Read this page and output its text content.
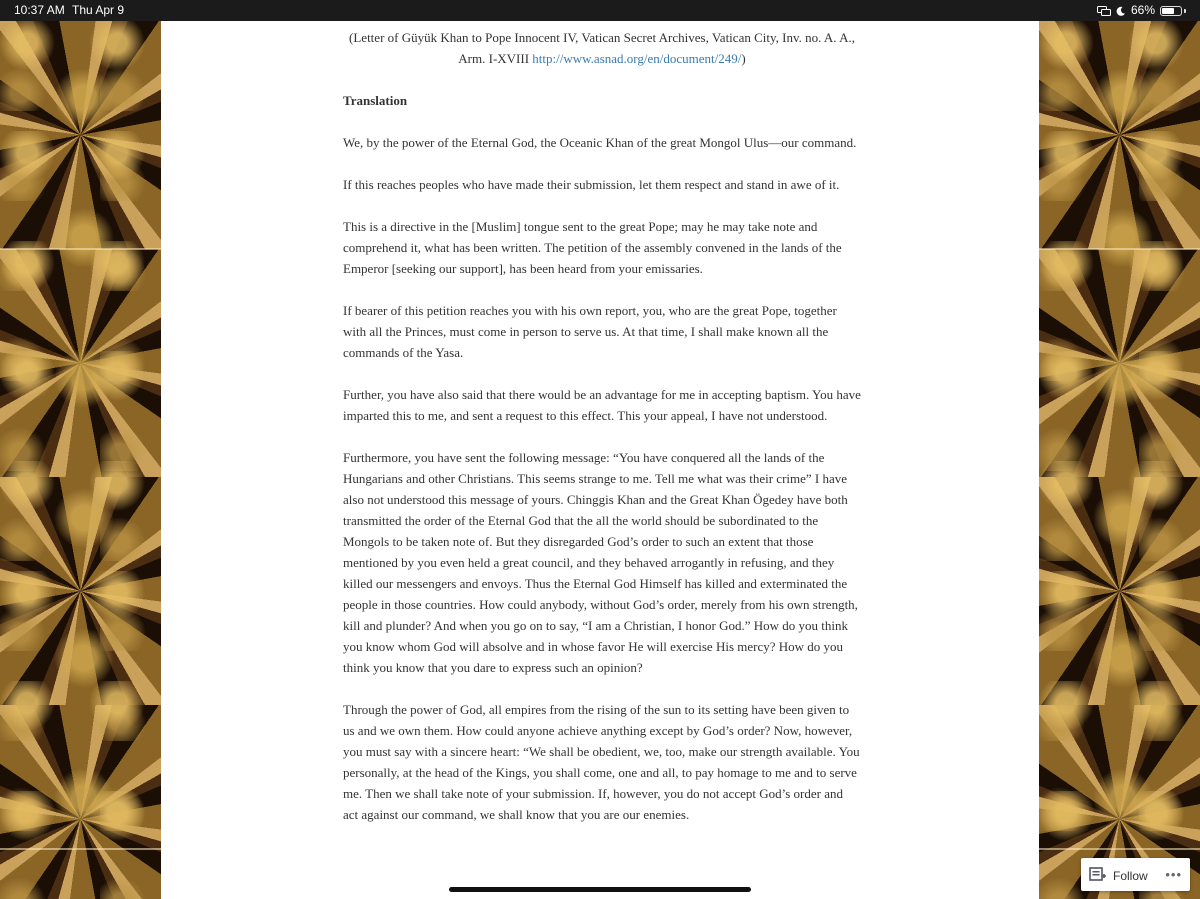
10:37 AM Thu Apr 9	66%

(Letter of Güyük Khan to Pope Innocent IV, Vatican Secret Archives, Vatican City, Inv. no. A. A., Arm. I-XVIII http://www.asnad.org/en/document/249/)

Translation

We, by the power of the Eternal God, the Oceanic Khan of the great Mongol Ulus—our command.

If this reaches peoples who have made their submission, let them respect and stand in awe of it.

This is a directive in the [Muslim] tongue sent to the great Pope; may he may take note and comprehend it, what has been written. The petition of the assembly convened in the lands of the Emperor [seeking our support], has been heard from your emissaries.

If bearer of this petition reaches you with his own report, you, who are the great Pope, together with all the Princes, must come in person to serve us. At that time, I shall make known all the commands of the Yasa.

Further, you have also said that there would be an advantage for me in accepting baptism. You have imparted this to me, and sent a request to this effect. This your appeal, I have not understood.

Furthermore, you have sent the following message: “You have conquered all the lands of the Hungarians and other Christians. This seems strange to me. Tell me what was their crime” I have also not understood this message of yours. Chinggis Khan and the Great Khan Ögedey have both transmitted the order of the Eternal God that the all the world should be subordinated to the Mongols to be taken note of. But they disregarded God’s order to such an extent that those mentioned by you even held a great council, and they behaved arrogantly in refusing, and they killed our messengers and envoys. Thus the Eternal God Himself has killed and exterminated the people in those countries. How could anybody, without God’s order, merely from his own strength, kill and plunder? And when you go on to say, “I am a Christian, I honor God.” How do you think you know whom God will absolve and in whose favor He will exercise His mercy? How do you think you know that you dare to express such an opinion?

Through the power of God, all empires from the rising of the sun to its setting have been given to us and we own them. How could anyone achieve anything except by God’s order? Now, however, you must say with a sincere heart: “We shall be obedient, we, too, make our strength available. You personally, at the head of the Kings, you shall come, one and all, to pay homage to me and to serve me. Then we shall take note of your submission. If, however, you do not accept God’s order and act against our command, we shall know that you are our enemies.

Follow •••
